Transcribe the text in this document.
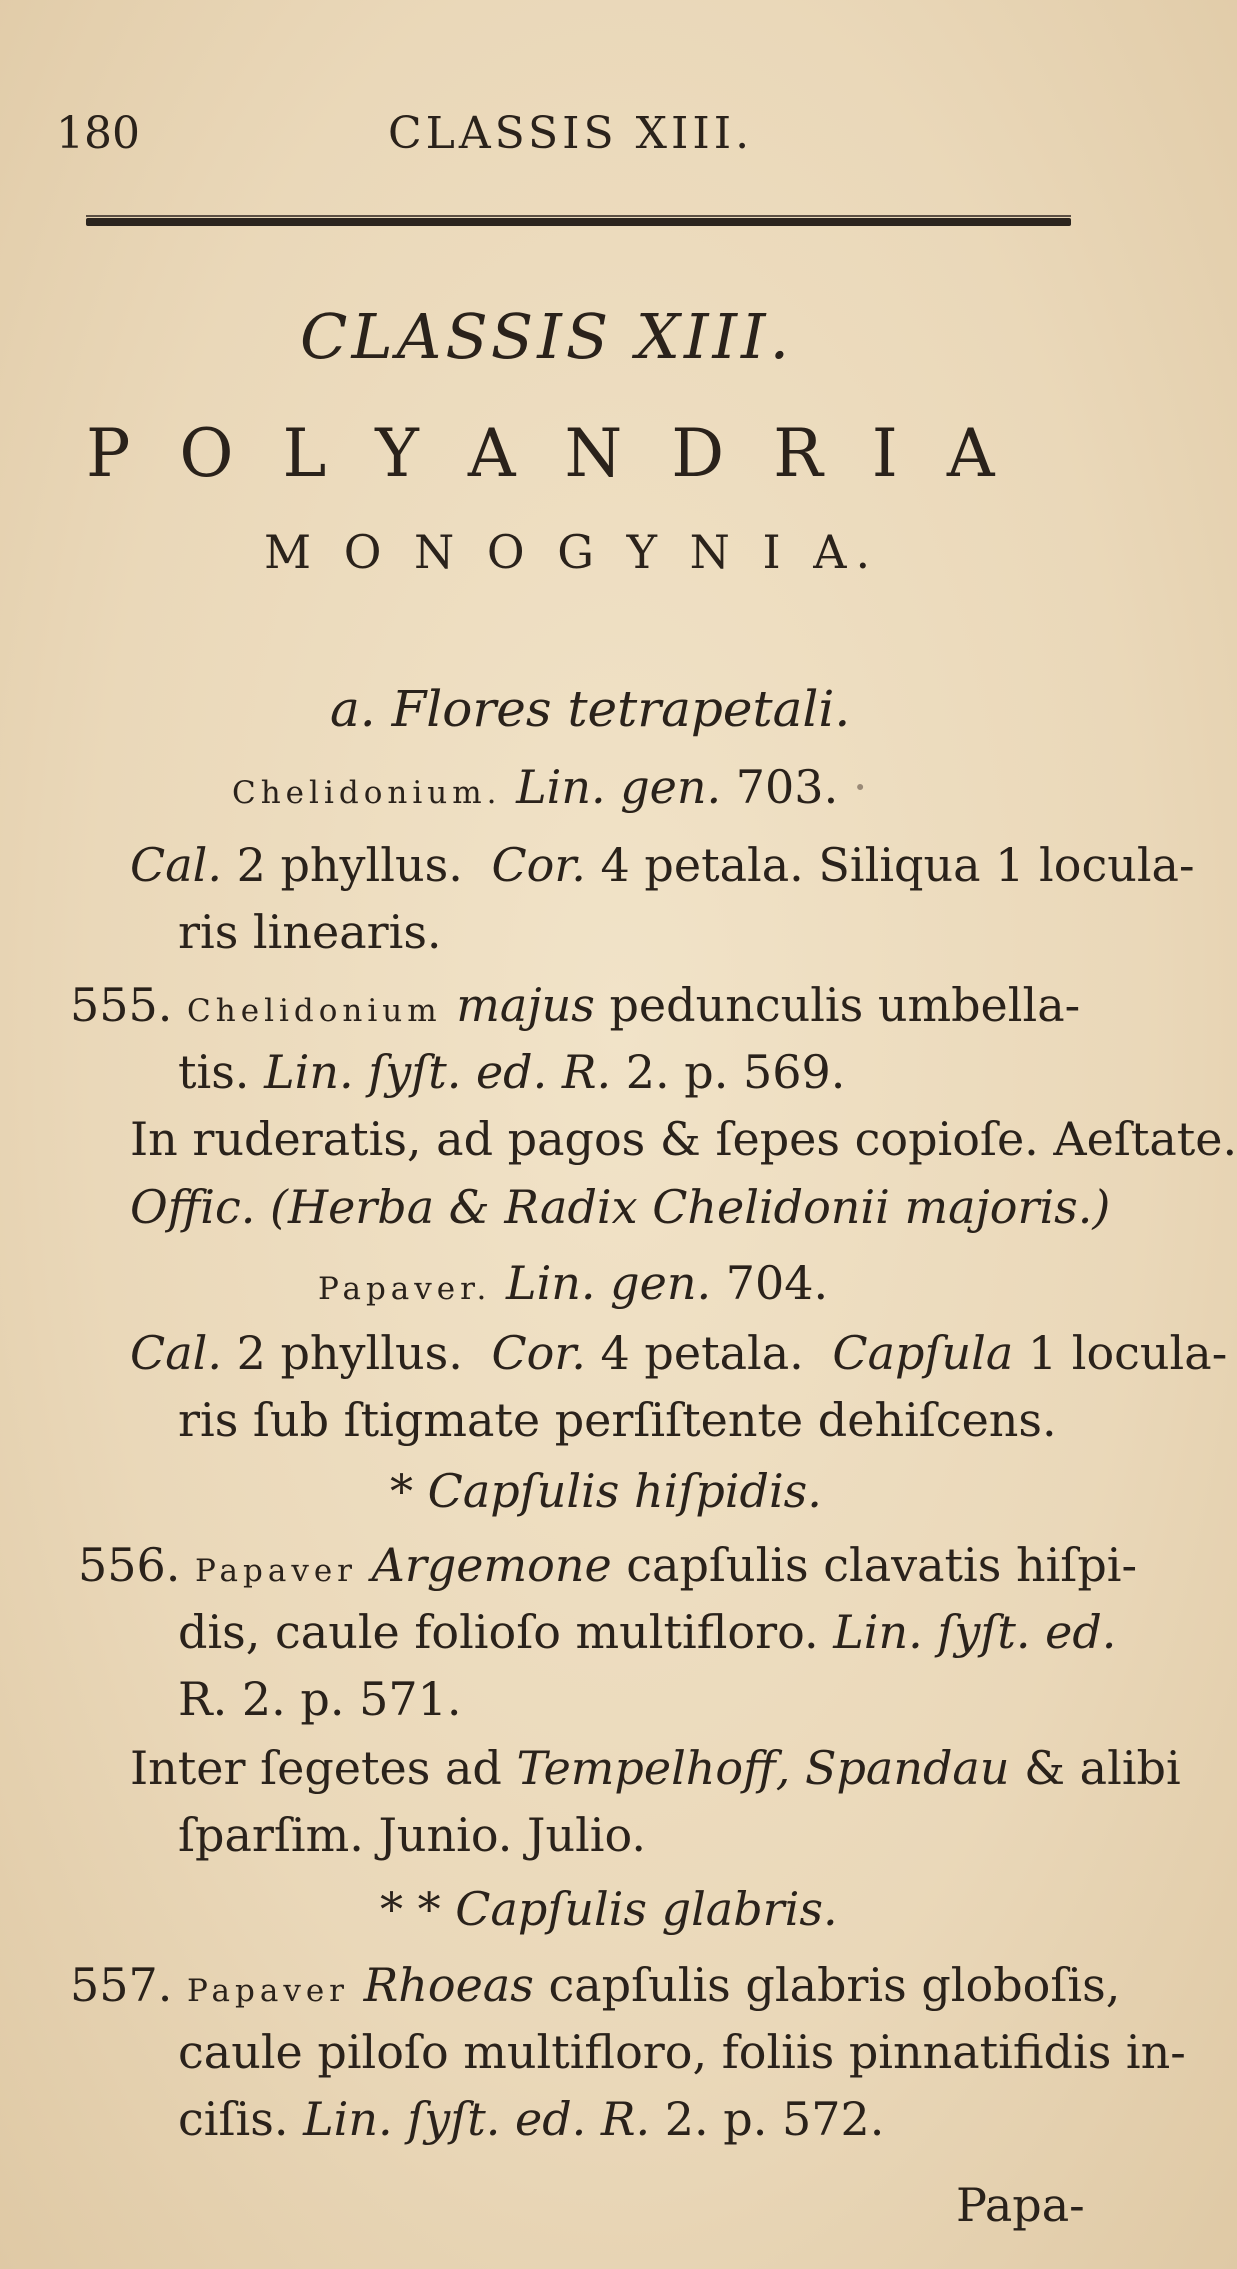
180	CLASSIS XIII.
CLASSIS XIII.
P O L Y A N D R I A
M O N O G Y N I A.
a. Flores tetrapetali.
Chelidonium. Lin. gen. 703. ·
Cal. 2 phyllus. Cor. 4 petala. Siliqua 1 locula-
ris linearis.
555. Chelidonium majus pedunculis umbella-
tis. Lin. ſyſt. ed. R. 2. p. 569.
In ruderatis, ad pagos & ſepes copioſe. Aeſtate.
Offic. (Herba & Radix Chelidonii majoris.)
Papaver. Lin. gen. 704.
Cal. 2 phyllus. Cor. 4 petala. Capſula 1 locula-
ris ſub ſtigmate perſiſtente dehiſcens.
* Capſulis hiſpidis.
556. Papaver Argemone capſulis clavatis hiſpi-
dis, caule folioſo multifloro. Lin. ſyſt. ed.
R. 2. p. 571.
Inter ſegetes ad Tempelhoff, Spandau & alibi
ſparſim. Junio. Julio.
* * Capſulis glabris.
557. Papaver Rhoeas capſulis glabris globoſis,
caule piloſo multifloro, foliis pinnatifidis in-
ciſis. Lin. ſyſt. ed. R. 2. p. 572.
Papa-
